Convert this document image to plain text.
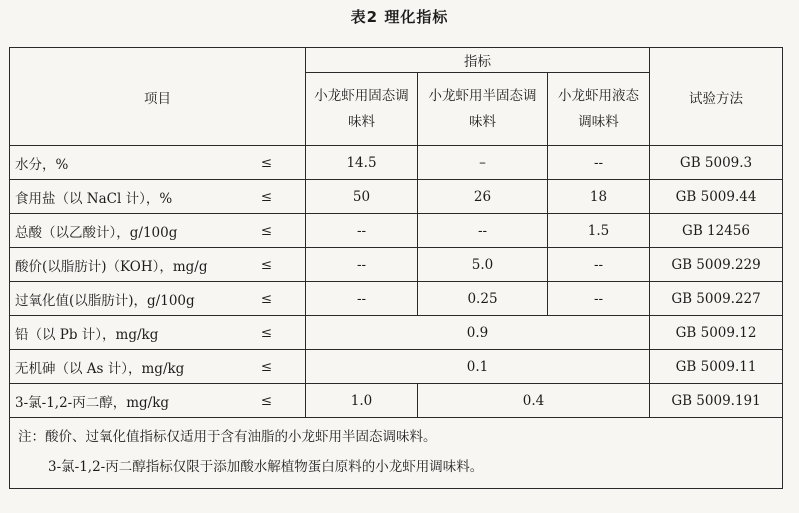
表2 理化指标
项目	指标			试验方法
	小龙虾用固态调味料	小龙虾用半固态调味料	小龙虾用液态调味料	

水分，% ≤	14.5	–	--	GB 5009.3

食用盐（以 NaCl 计），% ≤	50	26	18	GB 5009.44

总酸（以乙酸计），g/100g ≤	--	--	1.5	GB 12456

酸价(以脂肪计)（KOH），mg/g ≤	--	5.0	--	GB 5009.229

过氧化值(以脂肪计)，g/100g ≤	--	0.25	--	GB 5009.227

铅（以 Pb 计），mg/kg ≤	0.9			GB 5009.12

无机砷（以 As 计），mg/kg ≤	0.1			GB 5009.11

3-氯-1,2-丙二醇，mg/kg ≤	1.0	0.4		GB 5009.191
注：酸价、过氧化值指标仅适用于含有油脂的小龙虾用半固态调味料。
3-氯-1,2-丙二醇指标仅限于添加酸水解植物蛋白原料的小龙虾用调味料。				
